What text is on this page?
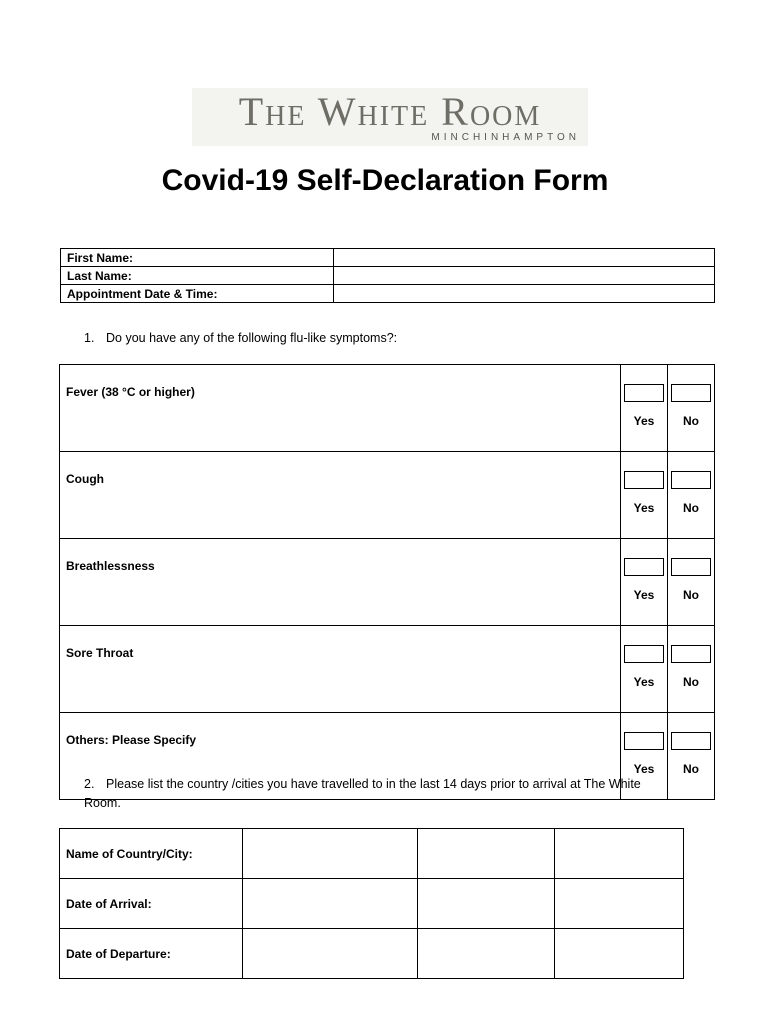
The White Room
MINCHINHAMPTON
Covid-19 Self-Declaration Form
First Name:	
Last Name:	
Appointment Date & Time:	
1. Do you have any of the following flu-like symptoms?:
Fever (38 °C or higher)	Yes	No

Cough	Yes	No

Breathlessness	Yes	No

Sore Throat	Yes	No

Others: Please Specify	Yes	No
2. Please list the country /cities you have travelled to in the last 14 days prior to arrival at The White Room.
Name of Country/City:			
Date of Arrival:			
Date of Departure:			
